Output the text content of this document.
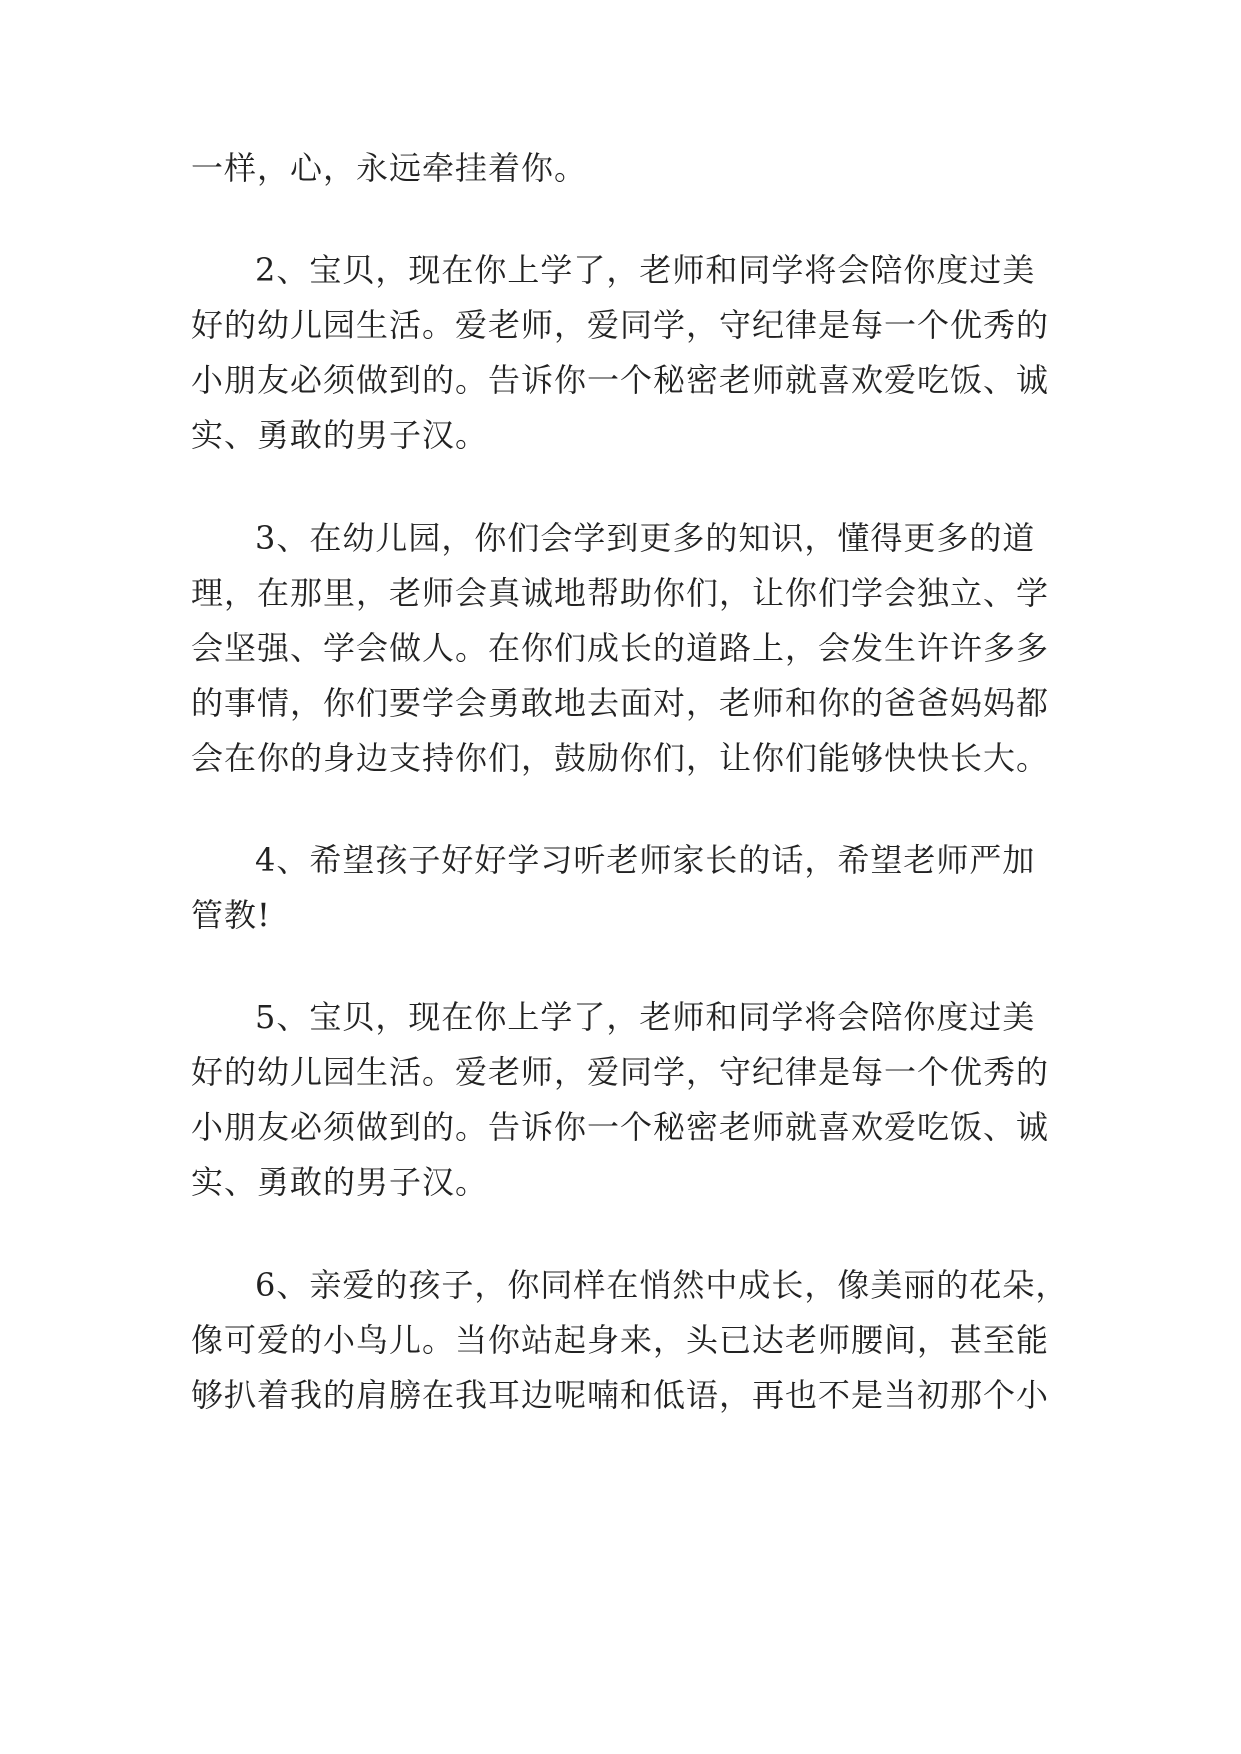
一样，心，永远牵挂着你。
2、宝贝，现在你上学了，老师和同学将会陪你度过美
好的幼儿园生活。爱老师，爱同学，守纪律是每一个优秀的
小朋友必须做到的。告诉你一个秘密老师就喜欢爱吃饭、诚
实、勇敢的男子汉。
3、在幼儿园，你们会学到更多的知识，懂得更多的道
理，在那里，老师会真诚地帮助你们，让你们学会独立、学
会坚强、学会做人。在你们成长的道路上，会发生许许多多
的事情，你们要学会勇敢地去面对，老师和你的爸爸妈妈都
会在你的身边支持你们，鼓励你们，让你们能够快快长大。
4、希望孩子好好学习听老师家长的话，希望老师严加
管教!
5、宝贝，现在你上学了，老师和同学将会陪你度过美
好的幼儿园生活。爱老师，爱同学，守纪律是每一个优秀的
小朋友必须做到的。告诉你一个秘密老师就喜欢爱吃饭、诚
实、勇敢的男子汉。
6、亲爱的孩子，你同样在悄然中成长，像美丽的花朵，
像可爱的小鸟儿。当你站起身来，头已达老师腰间，甚至能
够扒着我的肩膀在我耳边呢喃和低语，再也不是当初那个小
